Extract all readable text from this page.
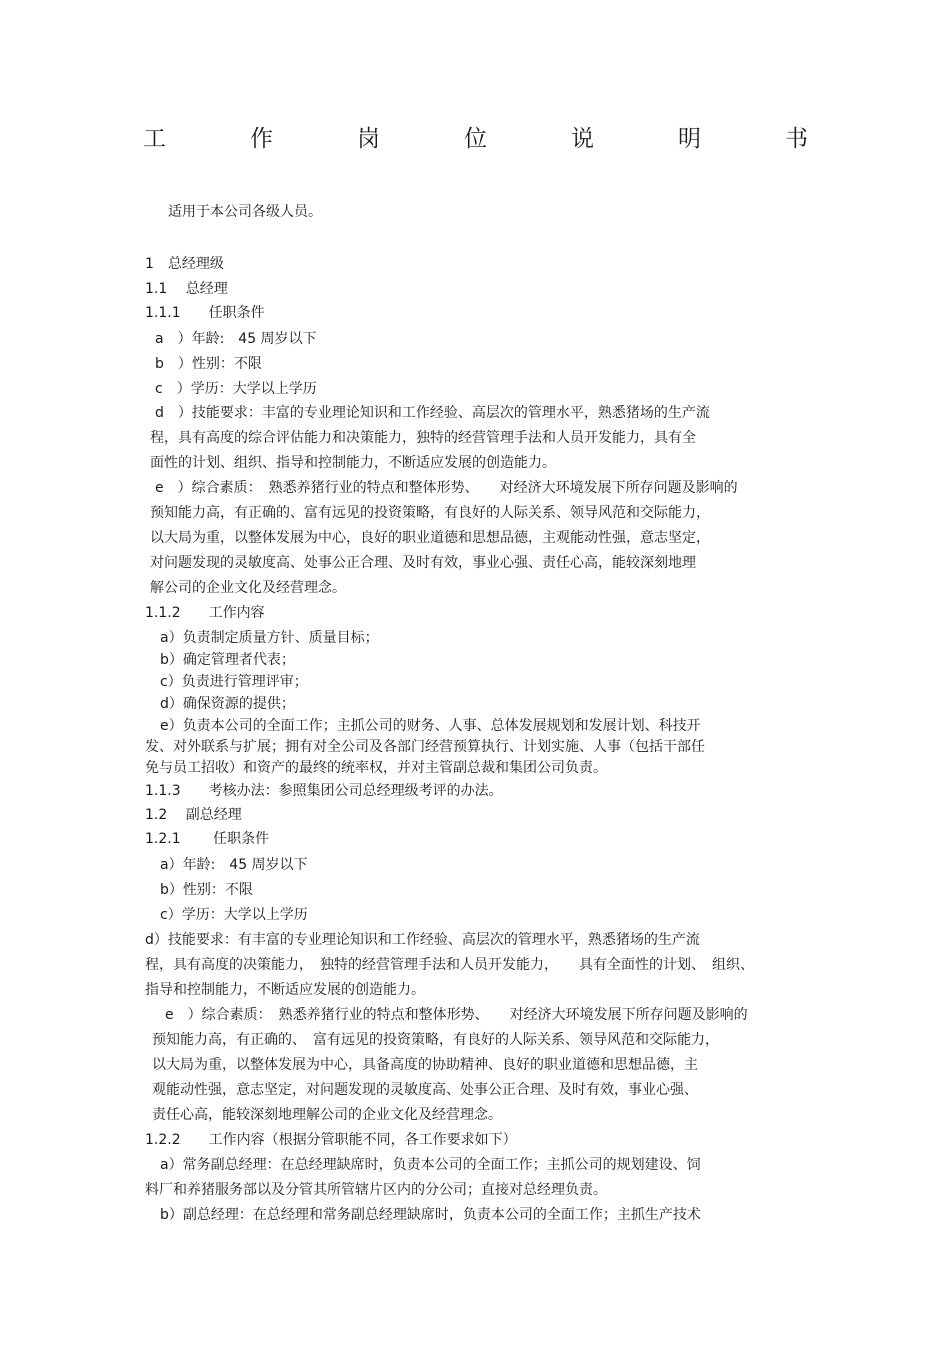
工	作	岗	位	说	明	书
适用于本公司各级人员。
1　总经理级
1.1　 总经理
1.1.1　　任职条件
a　）年龄:　45 周岁以下
b　）性别：不限
c　）学历：大学以上学历
d　）技能要求：丰富的专业理论知识和工作经验、高层次的管理水平，熟悉猪场的生产流
程，具有高度的综合评估能力和决策能力，独特的经营管理手法和人员开发能力，具有全
面性的计划、组织、指导和控制能力，不断适应发展的创造能力。
e　）综合素质：　熟悉养猪行业的特点和整体形势、　　对经济大环境发展下所存问题及影响的
预知能力高，有正确的、富有远见的投资策略，有良好的人际关系、领导风范和交际能力，
以大局为重，以整体发展为中心，良好的职业道德和思想品德，主观能动性强，意志坚定，
对问题发现的灵敏度高、处事公正合理、及时有效，事业心强、责任心高，能较深刻地理
解公司的企业文化及经营理念。
1.1.2　　工作内容
a）负责制定质量方针、质量目标；
b）确定管理者代表；
c）负责进行管理评审；
d）确保资源的提供；
e）负责本公司的全面工作；主抓公司的财务、人事、总体发展规划和发展计划、科技开
发、对外联系与扩展；拥有对全公司及各部门经营预算执行、计划实施、人事（包括干部任
免与员工招收）和资产的最终的统率权，并对主管副总裁和集团公司负责。
1.1.3　　考核办法：参照集团公司总经理级考评的办法。
1.2　 副总经理
1.2.1　　 任职条件
a）年龄:　45 周岁以下
b）性别：不限
c）学历：大学以上学历
d）技能要求：有丰富的专业理论知识和工作经验、高层次的管理水平，熟悉猪场的生产流
程，具有高度的决策能力，　独特的经营管理手法和人员开发能力，　　具有全面性的计划、　组织、
指导和控制能力，不断适应发展的创造能力。
e　）综合素质：　熟悉养猪行业的特点和整体形势、　　对经济大环境发展下所存问题及影响的
预知能力高，有正确的、　富有远见的投资策略，有良好的人际关系、领导风范和交际能力，
以大局为重，以整体发展为中心，具备高度的协助精神、良好的职业道德和思想品德，主
观能动性强，意志坚定，对问题发现的灵敏度高、处事公正合理、及时有效，事业心强、
责任心高，能较深刻地理解公司的企业文化及经营理念。
1.2.2　　工作内容（根据分管职能不同，各工作要求如下）
a）常务副总经理：在总经理缺席时，负责本公司的全面工作；主抓公司的规划建设、饲
料厂和养猪服务部以及分管其所管辖片区内的分公司；直接对总经理负责。
b）副总经理：在总经理和常务副总经理缺席时，负责本公司的全面工作；主抓生产技术
